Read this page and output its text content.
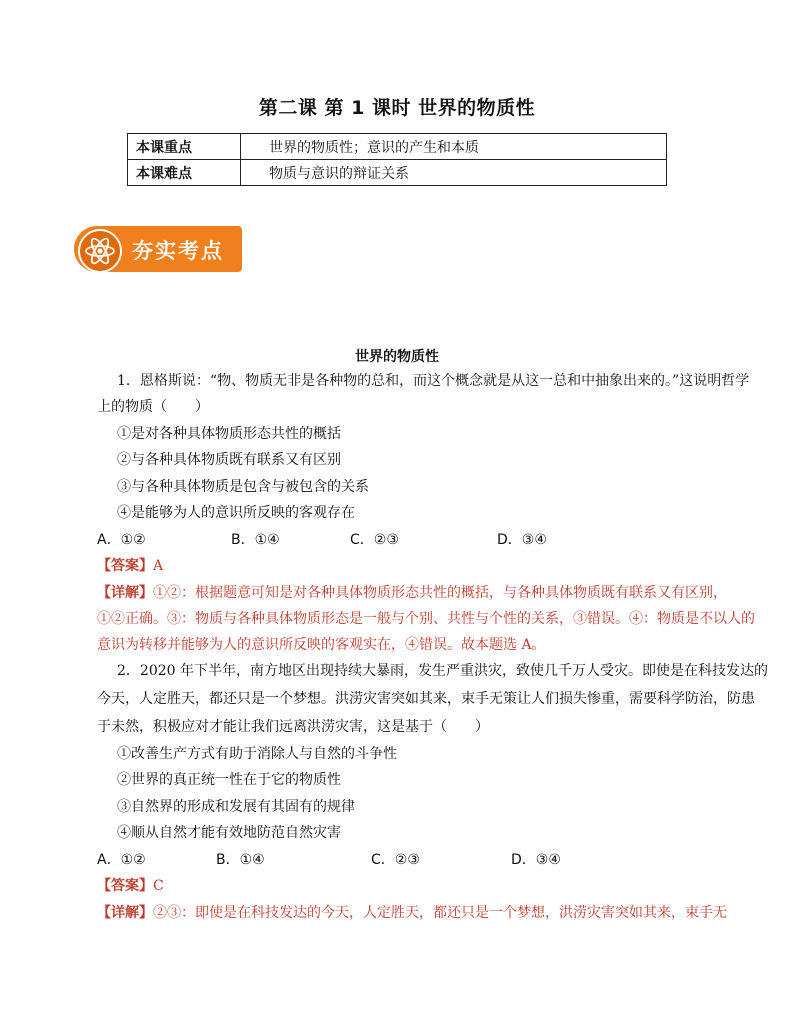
第二课 第 1 课时 世界的物质性
本课重点	世界的物质性；意识的产生和本质
本课难点	物质与意识的辩证关系
夯实考点
世界的物质性
1．恩格斯说：“物、物质无非是各种物的总和，而这个概念就是从这一总和中抽象出来的。”这说明哲学
上的物质（　　）
①是对各种具体物质形态共性的概括
②与各种具体物质既有联系又有区别
③与各种具体物质是包含与被包含的关系
④是能够为人的意识所反映的客观存在
A．①②	B．①④	C．②③	D．③④
【答案】A
【详解】①②：根据题意可知是对各种具体物质形态共性的概括，与各种具体物质既有联系又有区别，
①②正确。③：物质与各种具体物质形态是一般与个别、共性与个性的关系，③错误。④：物质是不以人的
意识为转移并能够为人的意识所反映的客观实在，④错误。故本题选 A。
2．2020 年下半年，南方地区出现持续大暴雨，发生严重洪灾，致使几千万人受灾。即使是在科技发达的
今天，人定胜天，都还只是一个梦想。洪涝灾害突如其来，束手无策让人们损失惨重，需要科学防治，防患
于未然，积极应对才能让我们远离洪涝灾害，这是基于（　　）
①改善生产方式有助于消除人与自然的斗争性
②世界的真正统一性在于它的物质性
③自然界的形成和发展有其固有的规律
④顺从自然才能有效地防范自然灾害
A．①②	B．①④	C．②③	D．③④
【答案】C
【详解】②③：即使是在科技发达的今天，人定胜天，都还只是一个梦想，洪涝灾害突如其来，束手无
